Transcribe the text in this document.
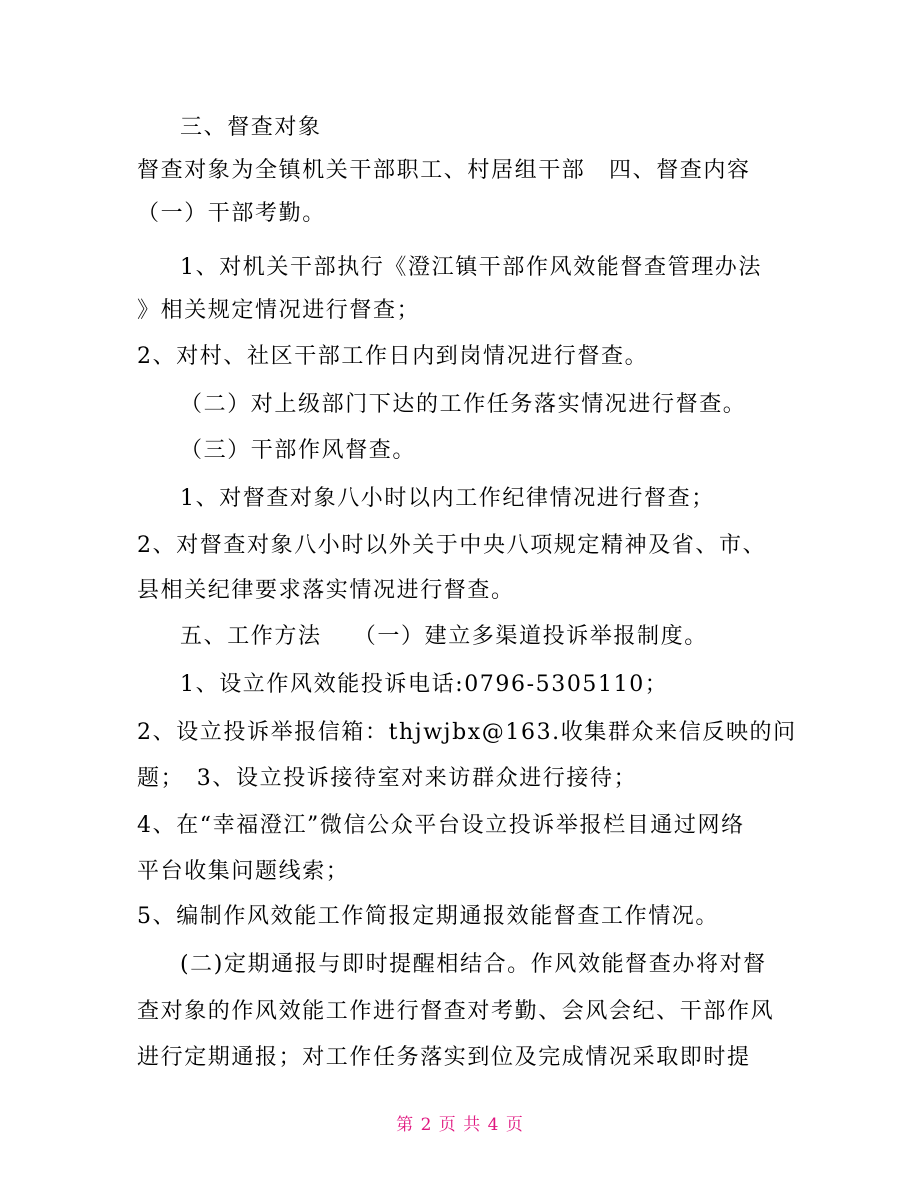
三、督查对象
督查对象为全镇机关干部职工、村居组干部　四、督查内容
（一）干部考勤。
1、对机关干部执行《澄江镇干部作风效能督查管理办法
》相关规定情况进行督查；
2、对村、社区干部工作日内到岗情况进行督查。
（二）对上级部门下达的工作任务落实情况进行督查。
（三）干部作风督查。
1、对督查对象八小时以内工作纪律情况进行督查；
2、对督查对象八小时以外关于中央八项规定精神及省、市、
县相关纪律要求落实情况进行督查。
五、工作方法　 （一）建立多渠道投诉举报制度。
1、设立作风效能投诉电话:0796-5305110；
2、设立投诉举报信箱：thjwjbx@163.收集群众来信反映的问
题；　3、设立投诉接待室对来访群众进行接待；
4、在“幸福澄江”微信公众平台设立投诉举报栏目通过网络
平台收集问题线索；
5、编制作风效能工作简报定期通报效能督查工作情况。
(二)定期通报与即时提醒相结合。作风效能督查办将对督
查对象的作风效能工作进行督查对考勤、会风会纪、干部作风
进行定期通报；对工作任务落实到位及完成情况采取即时提
第 2 页 共 4 页
